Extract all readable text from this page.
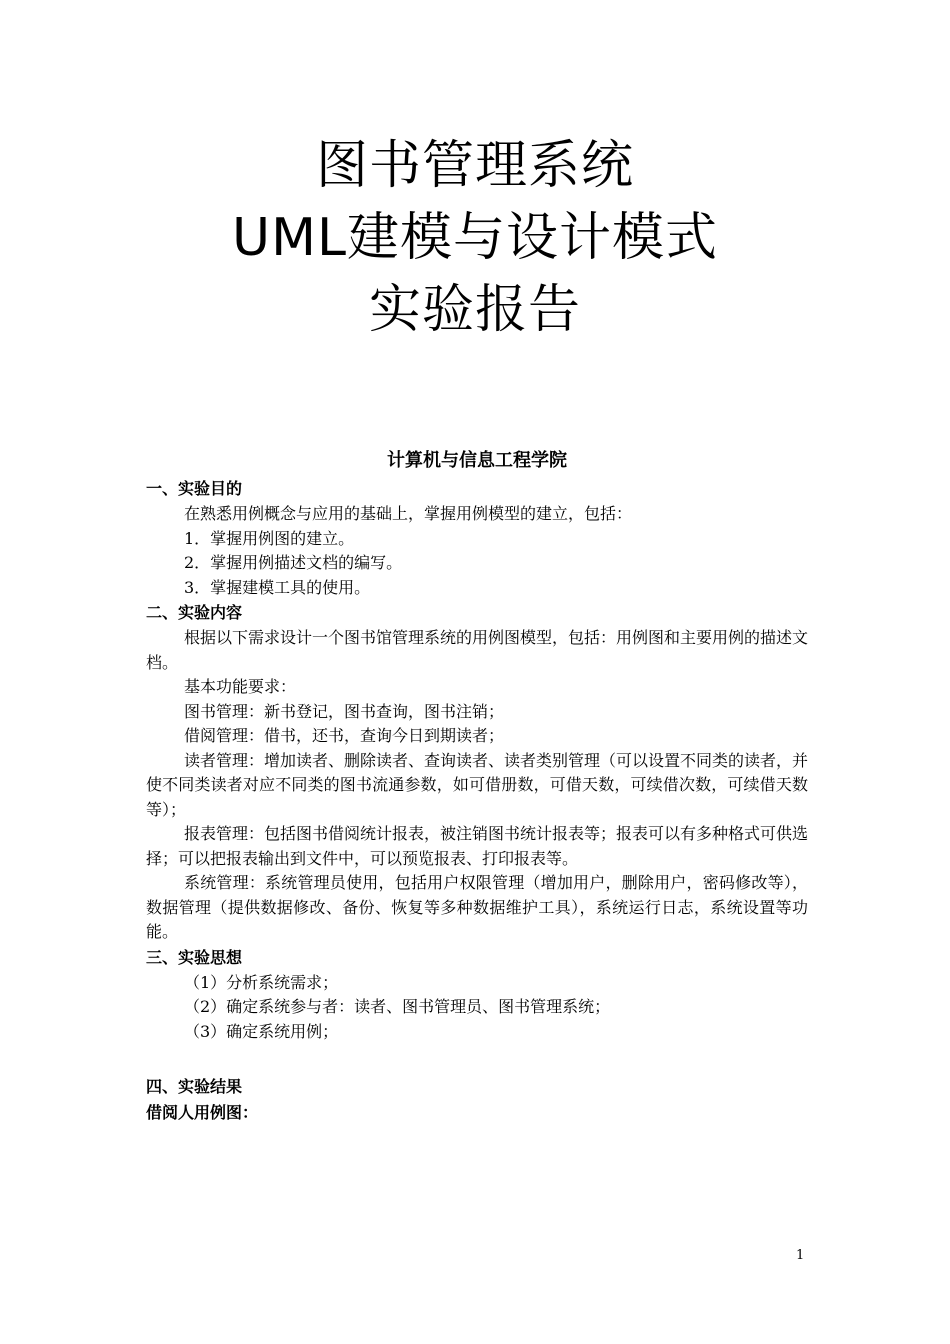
图书管理系统
UML建模与设计模式
实验报告
计算机与信息工程学院
一、实验目的
在熟悉用例概念与应用的基础上，掌握用例模型的建立，包括：
1．掌握用例图的建立。
2．掌握用例描述文档的编写。
3．掌握建模工具的使用。
二、实验内容
根据以下需求设计一个图书馆管理系统的用例图模型，包括：用例图和主要用例的描述文档。
基本功能要求：
图书管理：新书登记，图书查询，图书注销；
借阅管理：借书，还书，查询今日到期读者；
读者管理：增加读者、删除读者、查询读者、读者类别管理（可以设置不同类的读者，并使不同类读者对应不同类的图书流通参数，如可借册数，可借天数，可续借次数，可续借天数等）；
报表管理：包括图书借阅统计报表，被注销图书统计报表等；报表可以有多种格式可供选择；可以把报表输出到文件中，可以预览报表、打印报表等。
系统管理：系统管理员使用，包括用户权限管理（增加用户，删除用户，密码修改等），数据管理（提供数据修改、备份、恢复等多种数据维护工具），系统运行日志，系统设置等功能。
三、实验思想
（1）分析系统需求；
（2）确定系统参与者：读者、图书管理员、图书管理系统；
（3）确定系统用例；
四、实验结果
借阅人用例图：
1
